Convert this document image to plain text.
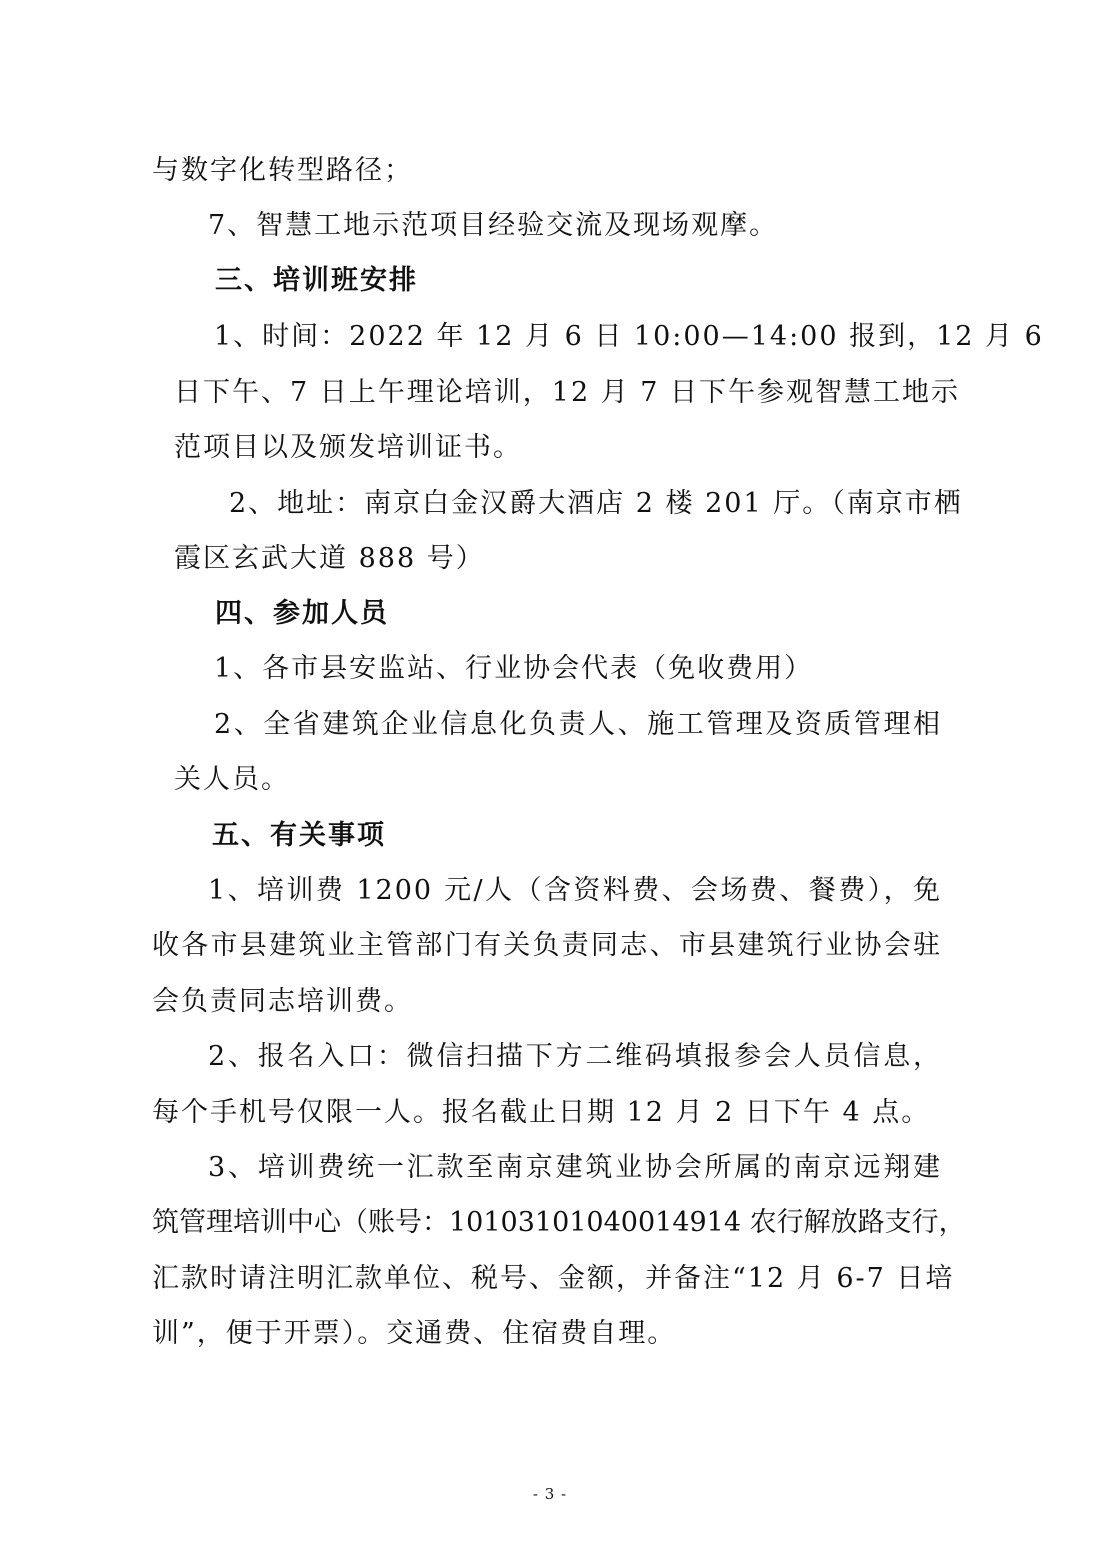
与数字化转型路径；
7、智慧工地示范项目经验交流及现场观摩。
三、培训班安排
1、时间：2022 年 12 月 6 日 10:00—14:00 报到，12 月 6
日下午、7 日上午理论培训，12 月 7 日下午参观智慧工地示
范项目以及颁发培训证书。
2、地址：南京白金汉爵大酒店 2 楼 201 厅。（南京市栖
霞区玄武大道 888 号）
四、参加人员
1、各市县安监站、行业协会代表（免收费用）
2、全省建筑企业信息化负责人、施工管理及资质管理相
关人员。
五、有关事项
1、培训费 1200 元/人（含资料费、会场费、餐费），免
收各市县建筑业主管部门有关负责同志、市县建筑行业协会驻
会负责同志培训费。
2、报名入口：微信扫描下方二维码填报参会人员信息，
每个手机号仅限一人。报名截止日期 12 月 2 日下午 4 点。
3、培训费统一汇款至南京建筑业协会所属的南京远翔建
筑管理培训中心（账号：10103101040014914 农行解放路支行，
汇款时请注明汇款单位、税号、金额，并备注“12 月 6-7 日培
训”，便于开票）。交通费、住宿费自理。
- 3 -
